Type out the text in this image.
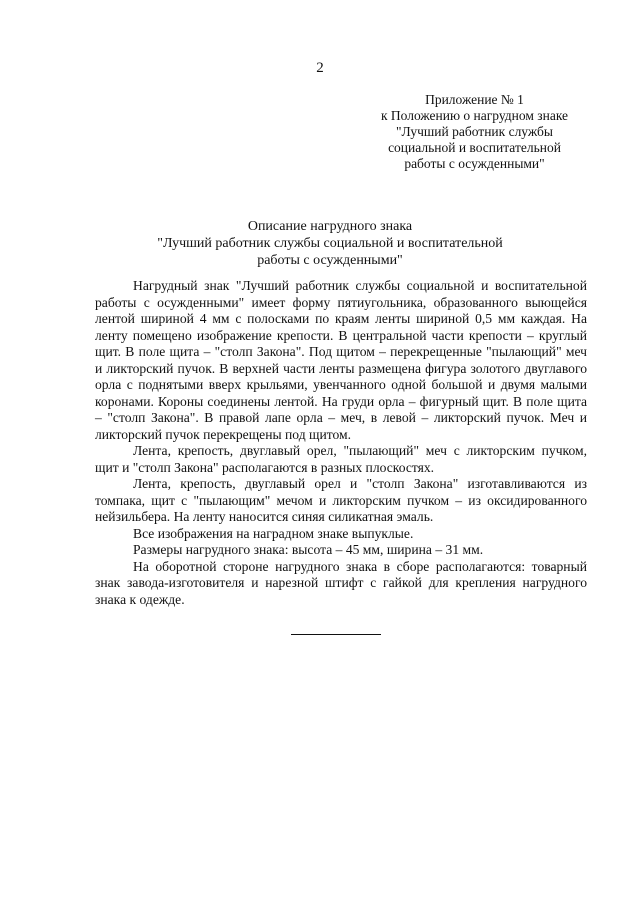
2
Приложение № 1
к Положению о нагрудном знаке
"Лучший работник службы
социальной и воспитательной
работы с осужденными"
Описание нагрудного знака
"Лучший работник службы социальной и воспитательной
работы с осужденными"

Нагрудный знак "Лучший работник службы социальной и воспитательной работы с осужденными" имеет форму пятиугольника, образованного выющейся лентой шириной 4 мм с полосками по краям ленты шириной 0,5 мм каждая. На ленту помещено изображение крепости. В центральной части крепости – круглый щит. В поле щита – "столп Закона". Под щитом – перекрещенные "пылающий" меч и ликторский пучок. В верхней части ленты размещена фигура золотого двуглавого орла с поднятыми вверх крыльями, увенчанного одной большой и двумя малыми коронами. Короны соединены лентой. На груди орла – фигурный щит. В поле щита – "столп Закона". В правой лапе орла – меч, в левой – ликторский пучок. Меч и ликторский пучок перекрещены под щитом.

Лента, крепость, двуглавый орел, "пылающий" меч с ликторским пучком, щит и "столп Закона" располагаются в разных плоскостях.

Лента, крепость, двуглавый орел и "столп Закона" изготавливаются из томпака, щит с "пылающим" мечом и ликторским пучком – из оксидированного нейзильбера. На ленту наносится синяя силикатная эмаль.

Все изображения на наградном знаке выпуклые.

Размеры нагрудного знака: высота – 45 мм, ширина – 31 мм.

На оборотной стороне нагрудного знака в сборе располагаются: товарный знак завода-изготовителя и нарезной штифт с гайкой для крепления нагрудного знака к одежде.
